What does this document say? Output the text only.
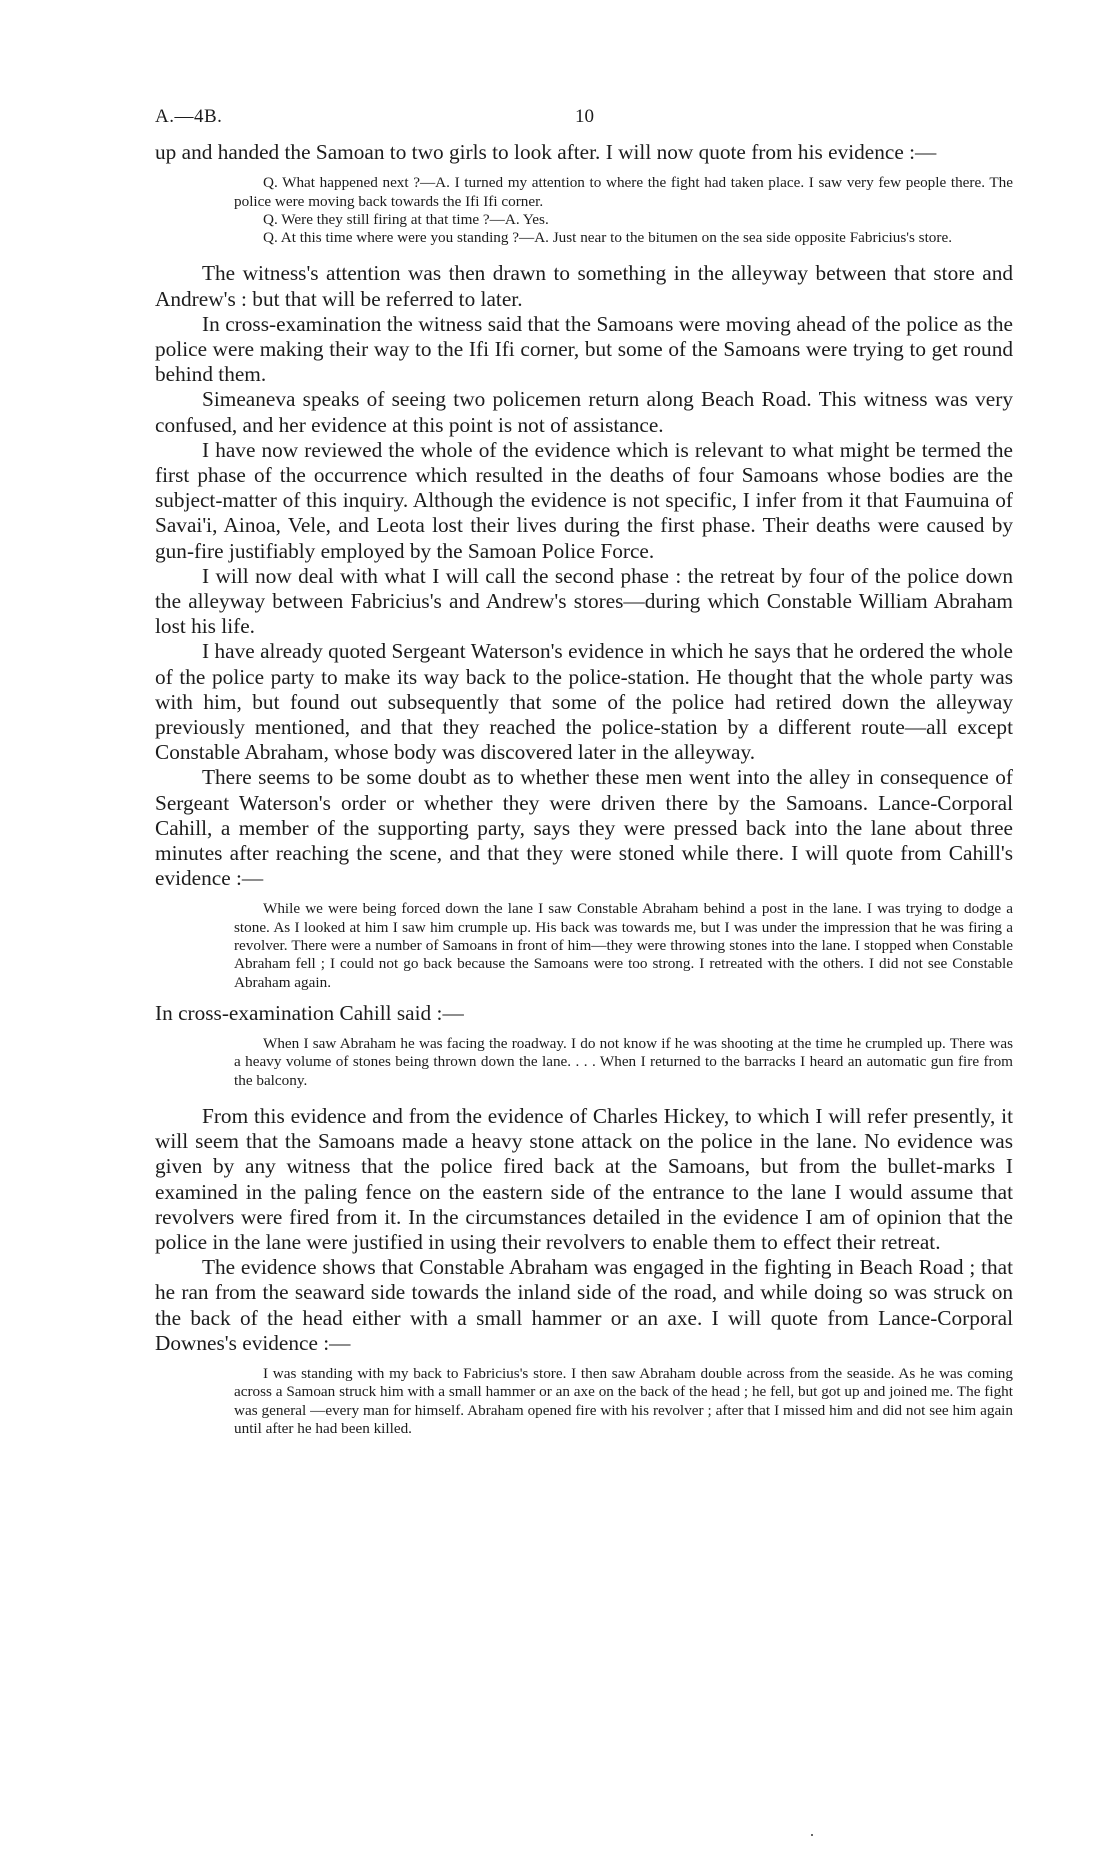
A.—4B.	10

up and handed the Samoan to two girls to look after. I will now quote from his evidence :—

Q. What happened next ?—A. I turned my attention to where the fight had taken place. I saw very few people there. The police were moving back towards the Ifi Ifi corner.

Q. Were they still firing at that time ?—A. Yes.

Q. At this time where were you standing ?—A. Just near to the bitumen on the sea side opposite Fabricius's store.

The witness's attention was then drawn to something in the alleyway between that store and Andrew's : but that will be referred to later.

In cross-examination the witness said that the Samoans were moving ahead of the police as the police were making their way to the Ifi Ifi corner, but some of the Samoans were trying to get round behind them.

Simeaneva speaks of seeing two policemen return along Beach Road. This witness was very confused, and her evidence at this point is not of assistance.

I have now reviewed the whole of the evidence which is relevant to what might be termed the first phase of the occurrence which resulted in the deaths of four Samoans whose bodies are the subject-matter of this inquiry. Although the evidence is not specific, I infer from it that Faumuina of Savai'i, Ainoa, Vele, and Leota lost their lives during the first phase. Their deaths were caused by gun-fire justifiably employed by the Samoan Police Force.

I will now deal with what I will call the second phase : the retreat by four of the police down the alleyway between Fabricius's and Andrew's stores—during which Constable William Abraham lost his life.

I have already quoted Sergeant Waterson's evidence in which he says that he ordered the whole of the police party to make its way back to the police-station. He thought that the whole party was with him, but found out subsequently that some of the police had retired down the alleyway previously mentioned, and that they reached the police-station by a different route—all except Constable Abraham, whose body was discovered later in the alleyway.

There seems to be some doubt as to whether these men went into the alley in consequence of Sergeant Waterson's order or whether they were driven there by the Samoans. Lance-Corporal Cahill, a member of the supporting party, says they were pressed back into the lane about three minutes after reaching the scene, and that they were stoned while there. I will quote from Cahill's evidence :—

While we were being forced down the lane I saw Constable Abraham behind a post in the lane. I was trying to dodge a stone. As I looked at him I saw him crumple up. His back was towards me, but I was under the impression that he was firing a revolver. There were a number of Samoans in front of him—they were throwing stones into the lane. I stopped when Constable Abraham fell ; I could not go back because the Samoans were too strong. I retreated with the others. I did not see Constable Abraham again.

In cross-examination Cahill said :—

When I saw Abraham he was facing the roadway. I do not know if he was shooting at the time he crumpled up. There was a heavy volume of stones being thrown down the lane. . . . When I returned to the barracks I heard an automatic gun fire from the balcony.

From this evidence and from the evidence of Charles Hickey, to which I will refer presently, it will seem that the Samoans made a heavy stone attack on the police in the lane. No evidence was given by any witness that the police fired back at the Samoans, but from the bullet-marks I examined in the paling fence on the eastern side of the entrance to the lane I would assume that revolvers were fired from it. In the circumstances detailed in the evidence I am of opinion that the police in the lane were justified in using their revolvers to enable them to effect their retreat.

The evidence shows that Constable Abraham was engaged in the fighting in Beach Road ; that he ran from the seaward side towards the inland side of the road, and while doing so was struck on the back of the head either with a small hammer or an axe. I will quote from Lance-Corporal Downes's evidence :—

I was standing with my back to Fabricius's store. I then saw Abraham double across from the seaside. As he was coming across a Samoan struck him with a small hammer or an axe on the back of the head ; he fell, but got up and joined me. The fight was general —every man for himself. Abraham opened fire with his revolver ; after that I missed him and did not see him again until after he had been killed.
